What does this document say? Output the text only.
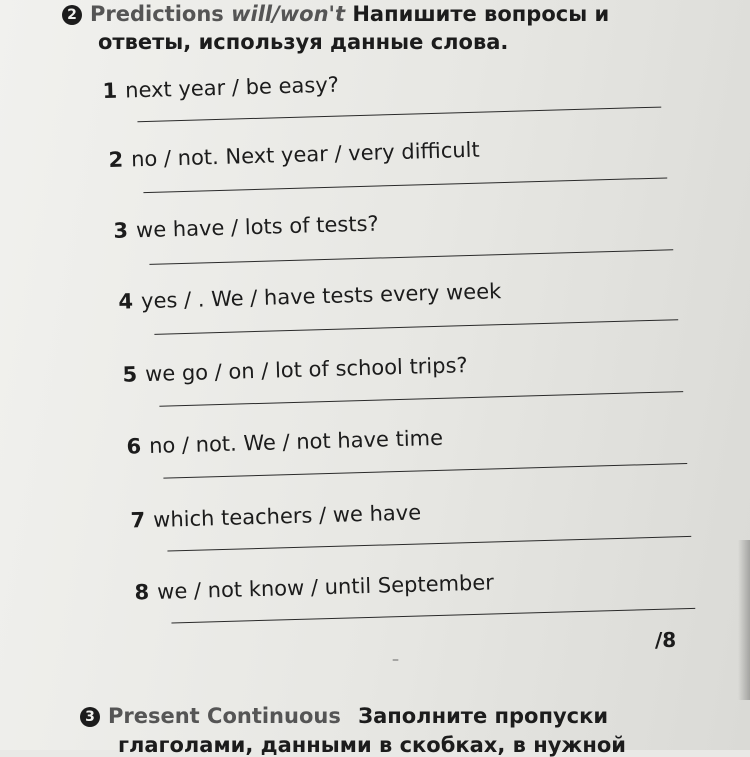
2 Predictions will/won't Напишите вопросы и
ответы, используя данные слова.
1 next year / be easy?
2 no / not. Next year / very difficult
3 we have / lots of tests?
4 yes / . We / have tests every week
5 we go / on / lot of school trips?
6 no / not. We / not have time
7 which teachers / we have
8 we / not know / until September
/8
–
3 Present Continuous Заполните пропуски
глаголами, данными в скобках, в нужной
